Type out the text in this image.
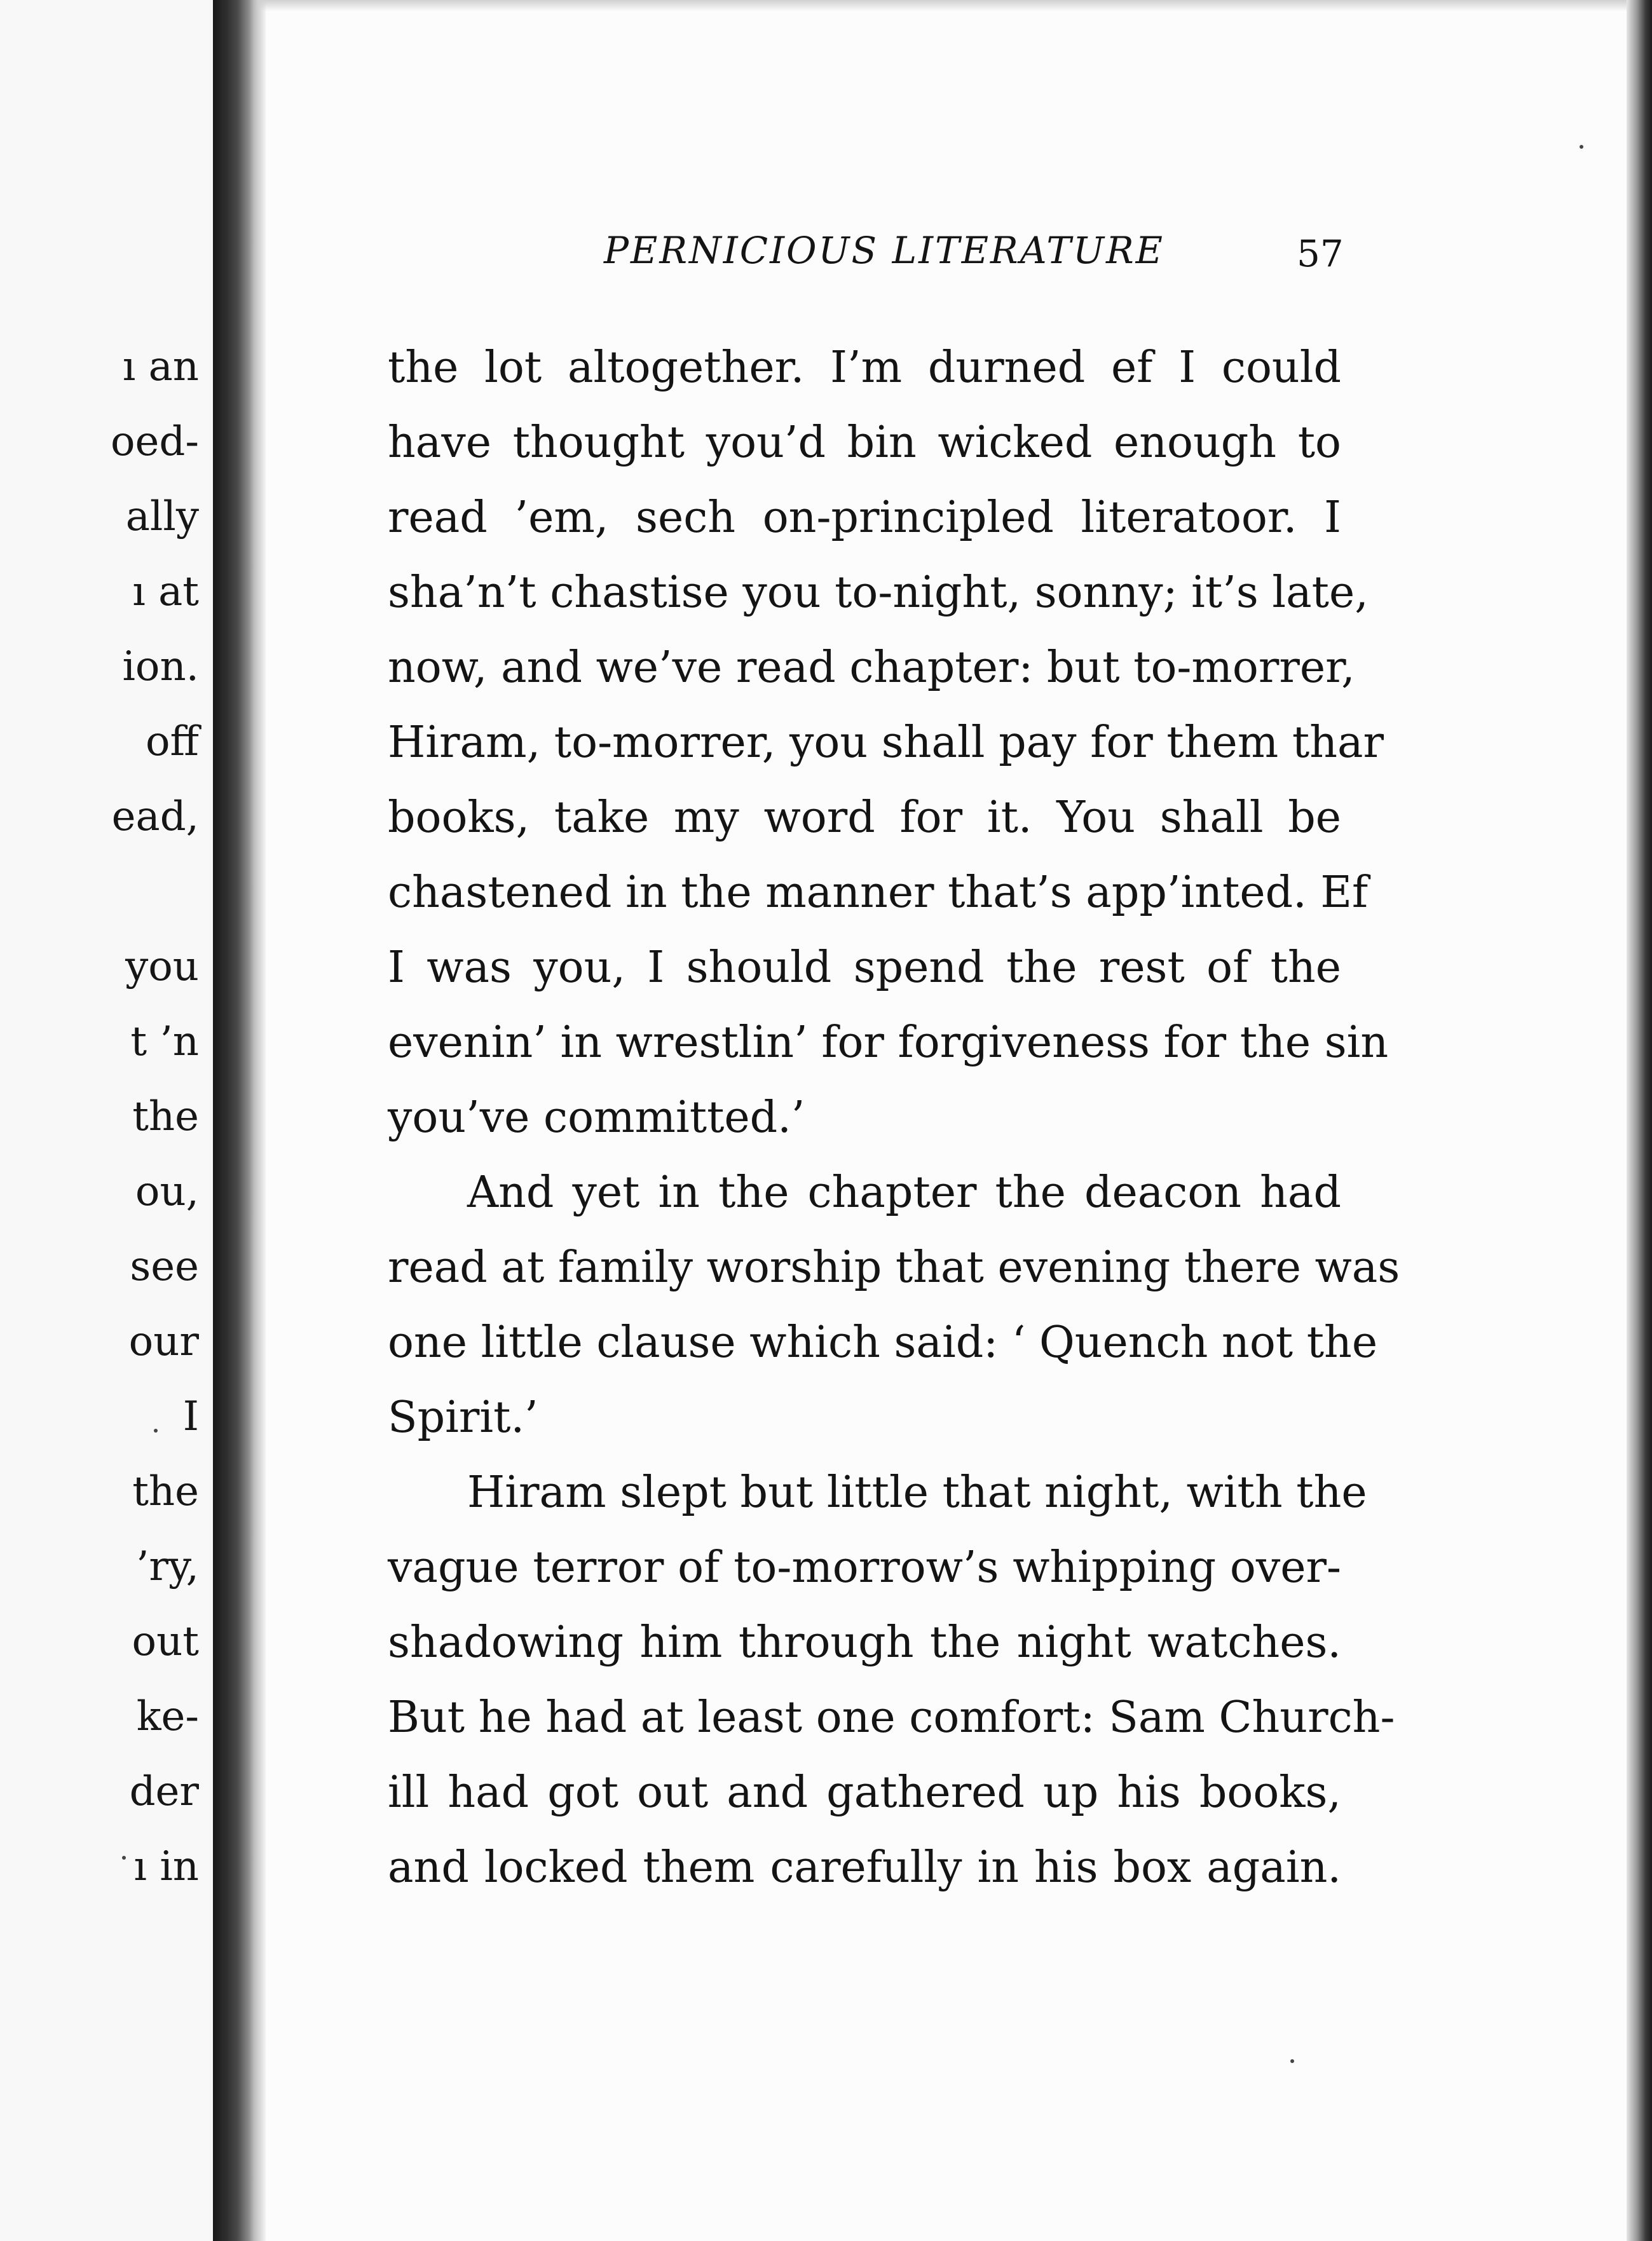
ı an
oed-
ally
ı at
ion.
off
ead,
you
t ’n
the
ou,
see
our
I
the
’ry,
out
ke-
der
ı in
PERNICIOUS LITERATURE	57
the lot altogether. I’m durned ef I could
have thought you’d bin wicked enough to
read ’em, sech on-principled literatoor. I
sha’n’t chastise you to-night, sonny; it’s late,
now, and we’ve read chapter: but to-morrer,
Hiram, to-morrer, you shall pay for them thar
books, take my word for it. You shall be
chastened in the manner that’s app’inted. Ef
I was you, I should spend the rest of the
evenin’ in wrestlin’ for forgiveness for the sin
you’ve committed.’
And yet in the chapter the deacon had
read at family worship that evening there was
one little clause which said: ‘ Quench not the
Spirit.’
Hiram slept but little that night, with the
vague terror of to-morrow’s whipping over-
shadowing him through the night watches.
But he had at least one comfort: Sam Church-
ill had got out and gathered up his books,
and locked them carefully in his box again.
